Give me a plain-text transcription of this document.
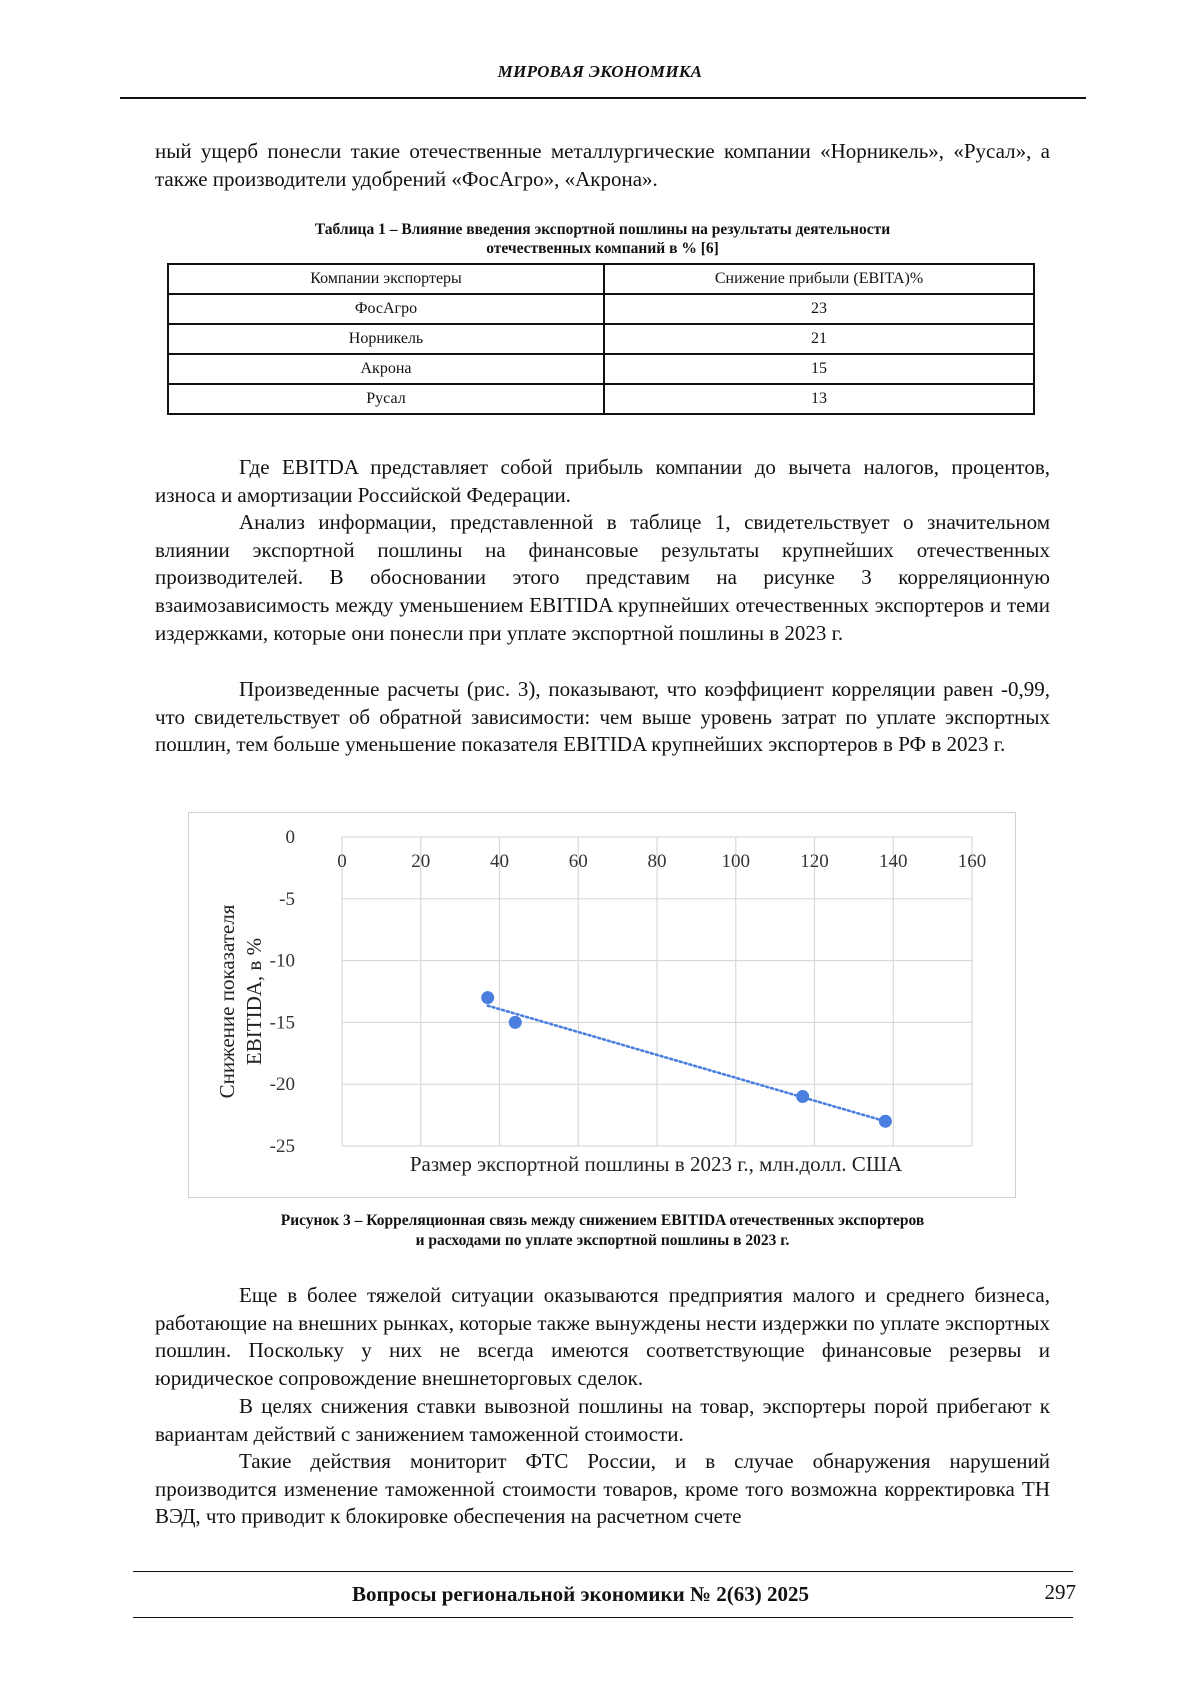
МИРОВАЯ ЭКОНОМИКА

ный ущерб понесли такие отечественные металлургические компании «Норникель», «Русал», а также производители удобрений «ФосАгро», «Акрона».

Таблица 1 – Влияние введения экспортной пошлины на результаты деятельности
отечественных компаний в % [6]
Компании экспортеры	Снижение прибыли (EBITA)%
ФосАгро	23
Норникель	21
Акрона	15
Русал	13

Где EBITDA представляет собой прибыль компании до вычета налогов, процентов, износа и амортизации Российской Федерации.

Анализ информации, представленной в таблице 1, свидетельствует о значительном влиянии экспортной пошлины на финансовые результаты крупнейших отечественных производителей. В обосновании этого представим на рисунке 3 корреляционную взаимозависимость между уменьшением EBITIDA крупнейших отечественных экспортеров и теми издержками, которые они понесли при уплате экспортной пошлины в 2023 г.

Произведенные расчеты (рис. 3), показывают, что коэффициент корреляции равен -0,99, что свидетельствует об обратной зависимости: чем выше уровень затрат по уплате экспортных пошлин, тем больше уменьшение показателя EBITIDA крупнейших экспортеров в РФ в 2023 г.

0	20	40	60	80	100	120	140	160
0
-5
-10
-15
-20
-25
Снижение показателя EBITIDA, в %
Размер экспортной пошлины в 2023 г., млн.долл. США
Рисунок 3 – Корреляционная связь между снижением EBITIDA отечественных экспортеров
и расходами по уплате экспортной пошлины в 2023 г.

Еще в более тяжелой ситуации оказываются предприятия малого и среднего бизнеса, работающие на внешних рынках, которые также вынуждены нести издержки по уплате экспортных пошлин. Поскольку у них не всегда имеются соответствующие финансовые резервы и юридическое сопровождение внешнеторговых сделок.

В целях снижения ставки вывозной пошлины на товар, экспортеры порой прибегают к вариантам действий с занижением таможенной стоимости.

Такие действия мониторит ФТС России, и в случае обнаружения нарушений производится изменение таможенной стоимости товаров, кроме того возможна корректировка ТН ВЭД, что приводит к блокировке обеспечения на расчетном счете

Вопросы региональной экономики № 2(63) 2025	297
